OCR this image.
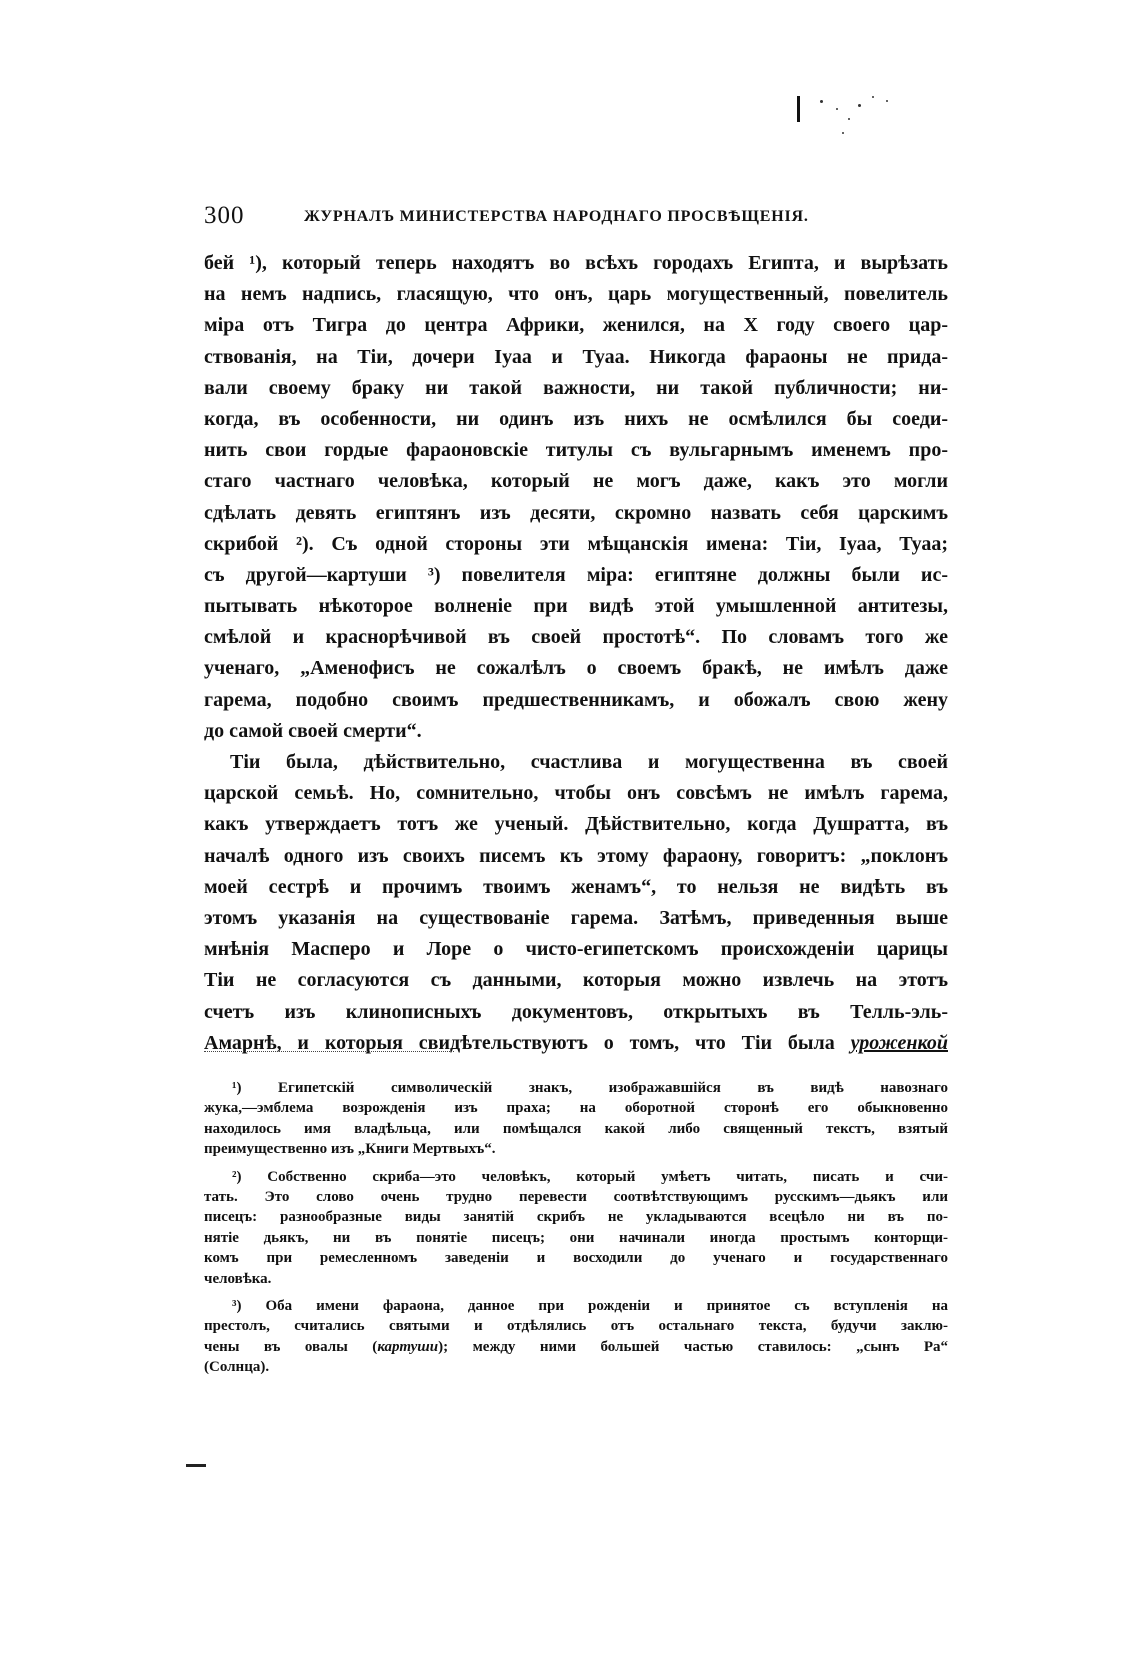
300	ЖУРНАЛЪ МИНИСТЕРСТВА НАРОДНАГО ПРОСВѢЩЕНІЯ.
бей ¹), который теперь находятъ во всѣхъ городахъ Египта, и вырѣзать
на немъ надпись, гласящую, что онъ, царь могущественный, повелитель
міра отъ Тигра до центра Африки, женился, на X году своего цар-
ствованія, на Тіи, дочери Іуаа и Туаа. Никогда фараоны не прида-
вали своему браку ни такой важности, ни такой публичности; ни-
когда, въ особенности, ни одинъ изъ нихъ не осмѣлился бы соеди-
нить свои гордые фараоновскіе титулы съ вульгарнымъ именемъ про-
стаго частнаго человѣка, который не могъ даже, какъ это могли
сдѣлать девять египтянъ изъ десяти, скромно назвать себя царскимъ
скрибой ²). Съ одной стороны эти мѣщанскія имена: Тіи, Іуаа, Туаа;
съ другой—картуши ³) повелителя міра: египтяне должны были ис-
пытывать нѣкоторое волненіе при видѣ этой умышленной антитезы,
смѣлой и краснорѣчивой въ своей простотѣ“. По словамъ того же
ученаго, „Аменофисъ не сожалѣлъ о своемъ бракѣ, не имѣлъ даже
гарема, подобно своимъ предшественникамъ, и обожалъ свою жену
до самой своей смерти“.
Тіи была, дѣйствительно, счастлива и могущественна въ своей
царской семьѣ. Но, сомнительно, чтобы онъ совсѣмъ не имѣлъ гарема,
какъ утверждаетъ тотъ же ученый. Дѣйствительно, когда Душратта, въ
началѣ одного изъ своихъ писемъ къ этому фараону, говоритъ: „поклонъ
моей сестрѣ и прочимъ твоимъ женамъ“, то нельзя не видѣть въ
этомъ указанія на существованіе гарема. Затѣмъ, приведенныя выше
мнѣнія Масперо и Лоре о чисто-египетскомъ происхожденіи царицы
Тіи не согласуются съ данными, которыя можно извлечь на этотъ
счетъ изъ клинописныхъ документовъ, открытыхъ въ Телль-эль-
Амарнѣ, и которыя свидѣтельствуютъ о томъ, что Тіи была уроженкой
¹) Египетскій символическій знакъ, изображавшійся въ видѣ навознаго
жука,—эмблема возрожденія изъ праха; на оборотной сторонѣ его обыкновенно
находилось имя владѣльца, или помѣщался какой либо священный текстъ, взятый
преимущественно изъ „Книги Мертвыхъ“.
²) Собственно скриба—это человѣкъ, который умѣетъ читать, писать и счи-
тать. Это слово очень трудно перевести соотвѣтствующимъ русскимъ—дьякъ или
писецъ: разнообразные виды занятій скрибъ не укладываются всецѣло ни въ по-
нятіе дьякъ, ни въ понятіе писецъ; они начинали иногда простымъ конторщи-
комъ при ремесленномъ заведеніи и восходили до ученаго и государственнаго
человѣка.
³) Оба имени фараона, данное при рожденіи и принятое съ вступленія на
престолъ, считались святыми и отдѣлялись отъ остальнаго текста, будучи заклю-
чены въ овалы (картуши); между ними большей частью ставилось: „сынъ Ра“
(Солнца).
